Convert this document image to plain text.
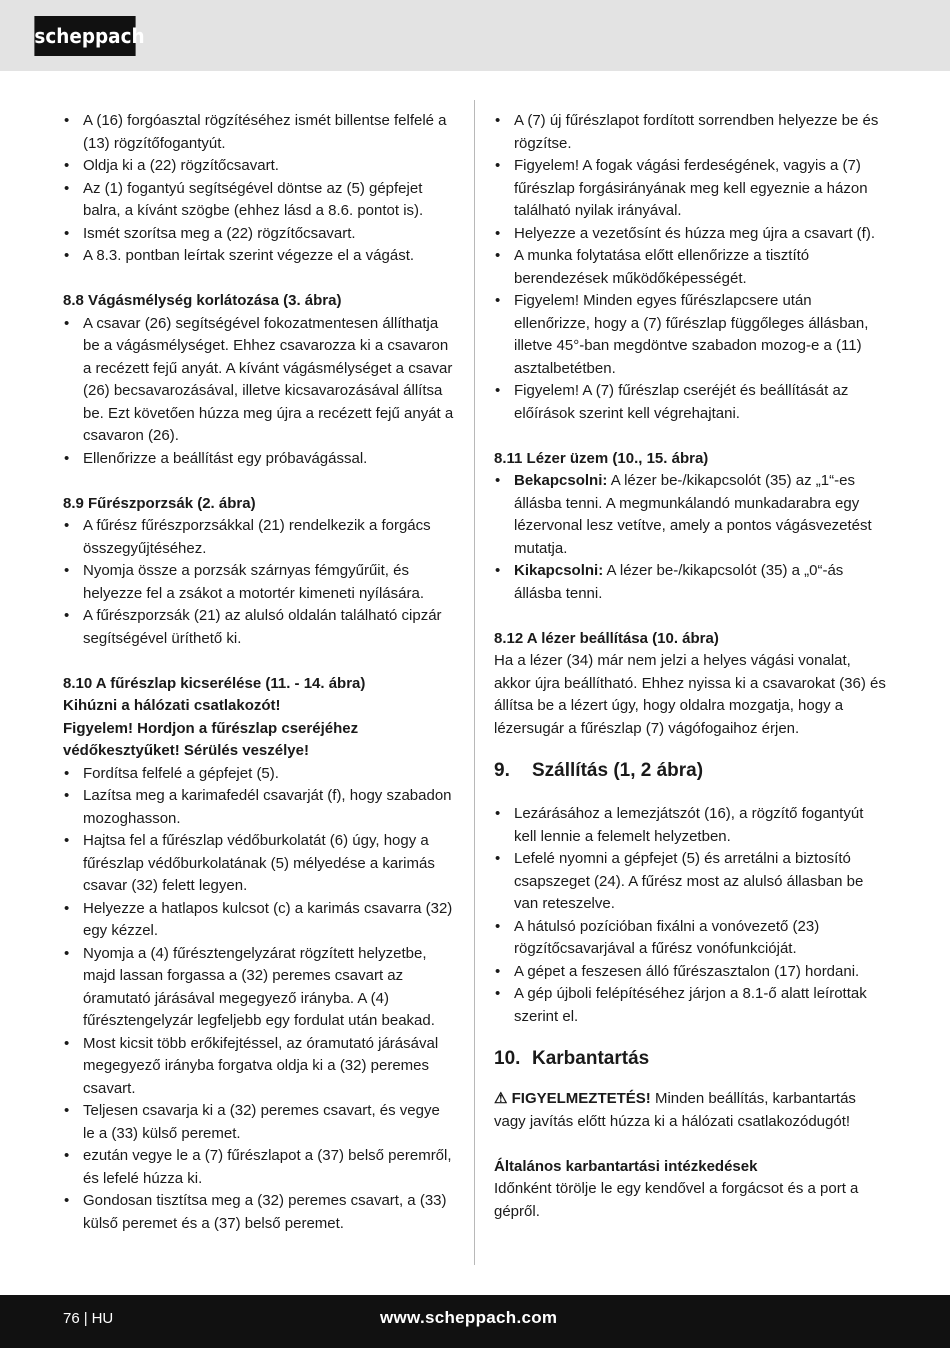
scheppach
• A (16) forgóasztal rögzítéséhez ismét billentse felfelé a (13) rögzítőfogantyút.
• Oldja ki a (22) rögzítőcsavart.
• Az (1) fogantyú segítségével döntse az (5) gépfejet balra, a kívánt szögbe (ehhez lásd a 8.6. pontot is).
• Ismét szorítsa meg a (22) rögzítőcsavart.
• A 8.3. pontban leírtak szerint végezze el a vágást.

8.8 Vágásmélység korlátozása (3. ábra)

• A csavar (26) segítségével fokozatmentesen állíthatja be a vágásmélységet. Ehhez csavarozza ki a csavaron a recézett fejű anyát. A kívánt vágásmélységet a csavar (26) becsavarozásával, illetve kicsavarozásával állítsa be. Ezt követően húzza meg újra a recézett fejű anyát a csavaron (26).
• Ellenőrizze a beállítást egy próbavágással.

8.9 Fűrészporzsák (2. ábra)

• A fűrész fűrészporzsákkal (21) rendelkezik a forgács összegyűjtéséhez.
• Nyomja össze a porzsák szárnyas fémgyűrűit, és helyezze fel a zsákot a motortér kimeneti nyílására.
• A fűrészporzsák (21) az alulsó oldalán található cipzár segítségével üríthető ki.

8.10 A fűrészlap kicserélése (11. - 14. ábra)

Kihúzni a hálózati csatlakozót!

Figyelem! Hordjon a fűrészlap cseréjéhez védőkesztyűket! Sérülés veszélye!

• Fordítsa felfelé a gépfejet (5).
• Lazítsa meg a karimafedél csavarját (f), hogy szabadon mozoghasson.
• Hajtsa fel a fűrészlap védőburkolatát (6) úgy, hogy a fűrészlap védőburkolatának (5) mélyedése a karimás csavar (32) felett legyen.
• Helyezze a hatlapos kulcsot (c) a karimás csavarra (32) egy kézzel.
• Nyomja a (4) fűrésztengelyzárat rögzített helyzetbe, majd lassan forgassa a (32) peremes csavart az óramutató járásával megegyező irányba. A (4) fűrésztengelyzár legfeljebb egy fordulat után beakad.
• Most kicsit több erőkifejtéssel, az óramutató járásával megegyező irányba forgatva oldja ki a (32) peremes csavart.
• Teljesen csavarja ki a (32) peremes csavart, és vegye le a (33) külső peremet.
• ezután vegye le a (7) fűrészlapot a (37) belső peremről, és lefelé húzza ki.
• Gondosan tisztítsa meg a (32) peremes csavart, a (33) külső peremet és a (37) belső peremet.
• A (7) új fűrészlapot fordított sorrendben helyezze be és rögzítse.
• Figyelem! A fogak vágási ferdeségének, vagyis a (7) fűrészlap forgásirányának meg kell egyeznie a házon található nyilak irányával.
• Helyezze a vezetősínt és húzza meg újra a csavart (f).
• A munka folytatása előtt ellenőrizze a tisztító berendezések működőképességét.
• Figyelem! Minden egyes fűrészlapcsere után ellenőrizze, hogy a (7) fűrészlap függőleges állásban, illetve 45°-ban megdöntve szabadon mozog-e a (11) asztalbetétben.
• Figyelem! A (7) fűrészlap cseréjét és beállítását az előírások szerint kell végrehajtani.

8.11 Lézer üzem (10., 15. ábra)

• Bekapcsolni: A lézer be-/kikapcsolót (35) az „1“-es állásba tenni. A megmunkálandó munkadarabra egy lézervonal lesz vetítve, amely a pontos vágásvezetést mutatja.
• Kikapcsolni: A lézer be-/kikapcsolót (35) a „0“-ás állásba tenni.

8.12 A lézer beállítása (10. ábra)

Ha a lézer (34) már nem jelzi a helyes vágási vonalat, akkor újra beállítható. Ehhez nyissa ki a csavarokat (36) és állítsa be a lézert úgy, hogy oldalra mozgatja, hogy a lézersugár a fűrészlap (7) vágófogaihoz érjen.

9. Szállítás (1, 2 ábra)
• Lezárásához a lemezjátszót (16), a rögzítő fogantyút kell lennie a felemelt helyzetben.
• Lefelé nyomni a gépfejet (5) és arretálni a biztosító csapszeget (24). A fűrész most az alulsó állasban be van reteszelve.
• A hátulsó pozícióban fixálni a vonóvezető (23) rögzítőcsavarjával a fűrész vonófunkcióját.
• A gépet a feszesen álló fűrészasztalon (17) hordani.
• A gép újboli felépítéséhez járjon a 8.1-ő alatt leírottak szerint el.
10. Karbantartás

⚠ FIGYELMEZTETÉS! Minden beállítás, karbantartás vagy javítás előtt húzza ki a hálózati csatlakozódugót!

Általános karbantartási intézkedések

Időnként törölje le egy kendővel a forgácsot és a port a gépről.

76 | HU	www.scheppach.com
